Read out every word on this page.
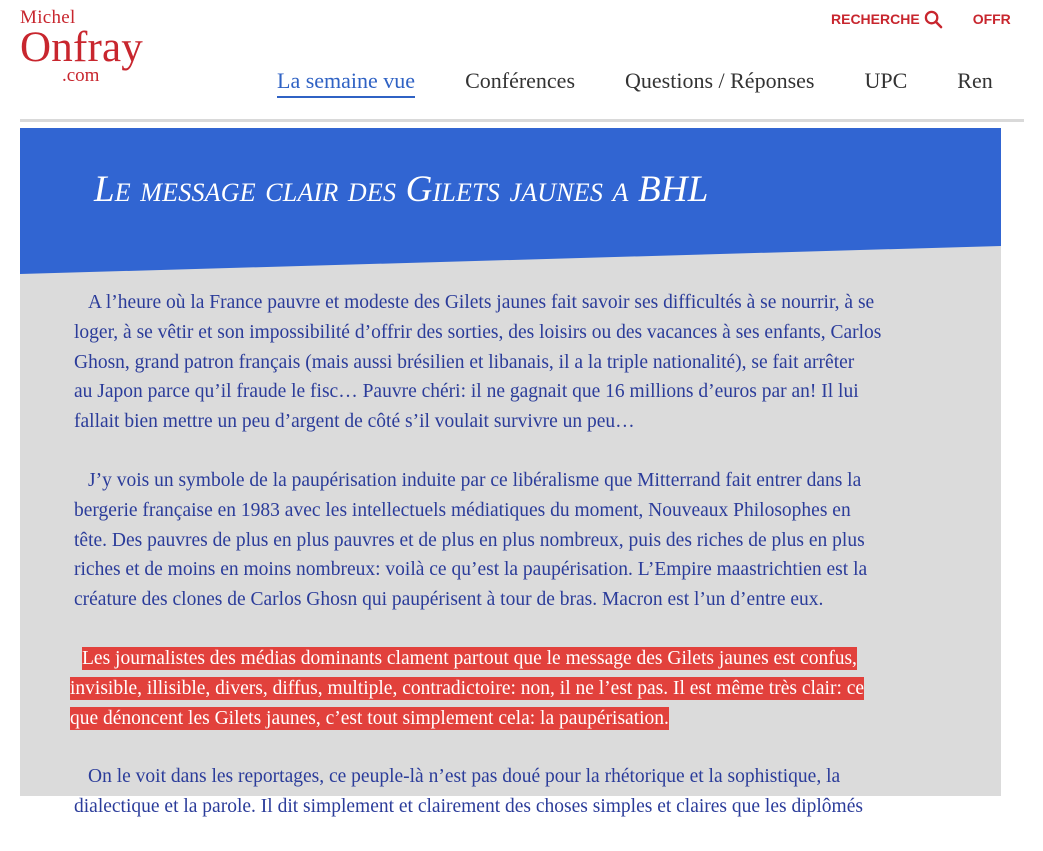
Michel
Onfray
.com
RECHERCHE	OFFR
La semaine vue Conférences Questions / Réponses UPC Ren
Le message clair des Gilets jaunes a BHL

A l’heure où la France pauvre et modeste des Gilets jaunes fait savoir ses difficultés à se nourrir, à se
loger, à se vêtir et son impossibilité d’offrir des sorties, des loisirs ou des vacances à ses enfants, Carlos
Ghosn, grand patron français (mais aussi brésilien et libanais, il a la triple nationalité), se fait arrêter
au Japon parce qu’il fraude le fisc… Pauvre chéri: il ne gagnait que 16 millions d’euros par an! Il lui
fallait bien mettre un peu d’argent de côté s’il voulait survivre un peu…

J’y vois un symbole de la paupérisation induite par ce libéralisme que Mitterrand fait entrer dans la
bergerie française en 1983 avec les intellectuels médiatiques du moment, Nouveaux Philosophes en
tête. Des pauvres de plus en plus pauvres et de plus en plus nombreux, puis des riches de plus en plus
riches et de moins en moins nombreux: voilà ce qu’est la paupérisation. L’Empire maastrichtien est la
créature des clones de Carlos Ghosn qui paupérisent à tour de bras. Macron est l’un d’entre eux.

Les journalistes des médias dominants clament partout que le message des Gilets jaunes est confus,
invisible, illisible, divers, diffus, multiple, contradictoire: non, il ne l’est pas. Il est même très clair: ce
que dénoncent les Gilets jaunes, c’est tout simplement cela: la paupérisation.

On le voit dans les reportages, ce peuple-là n’est pas doué pour la rhétorique et la sophistique, la
dialectique et la parole. Il dit simplement et clairement des choses simples et claires que les diplômés
